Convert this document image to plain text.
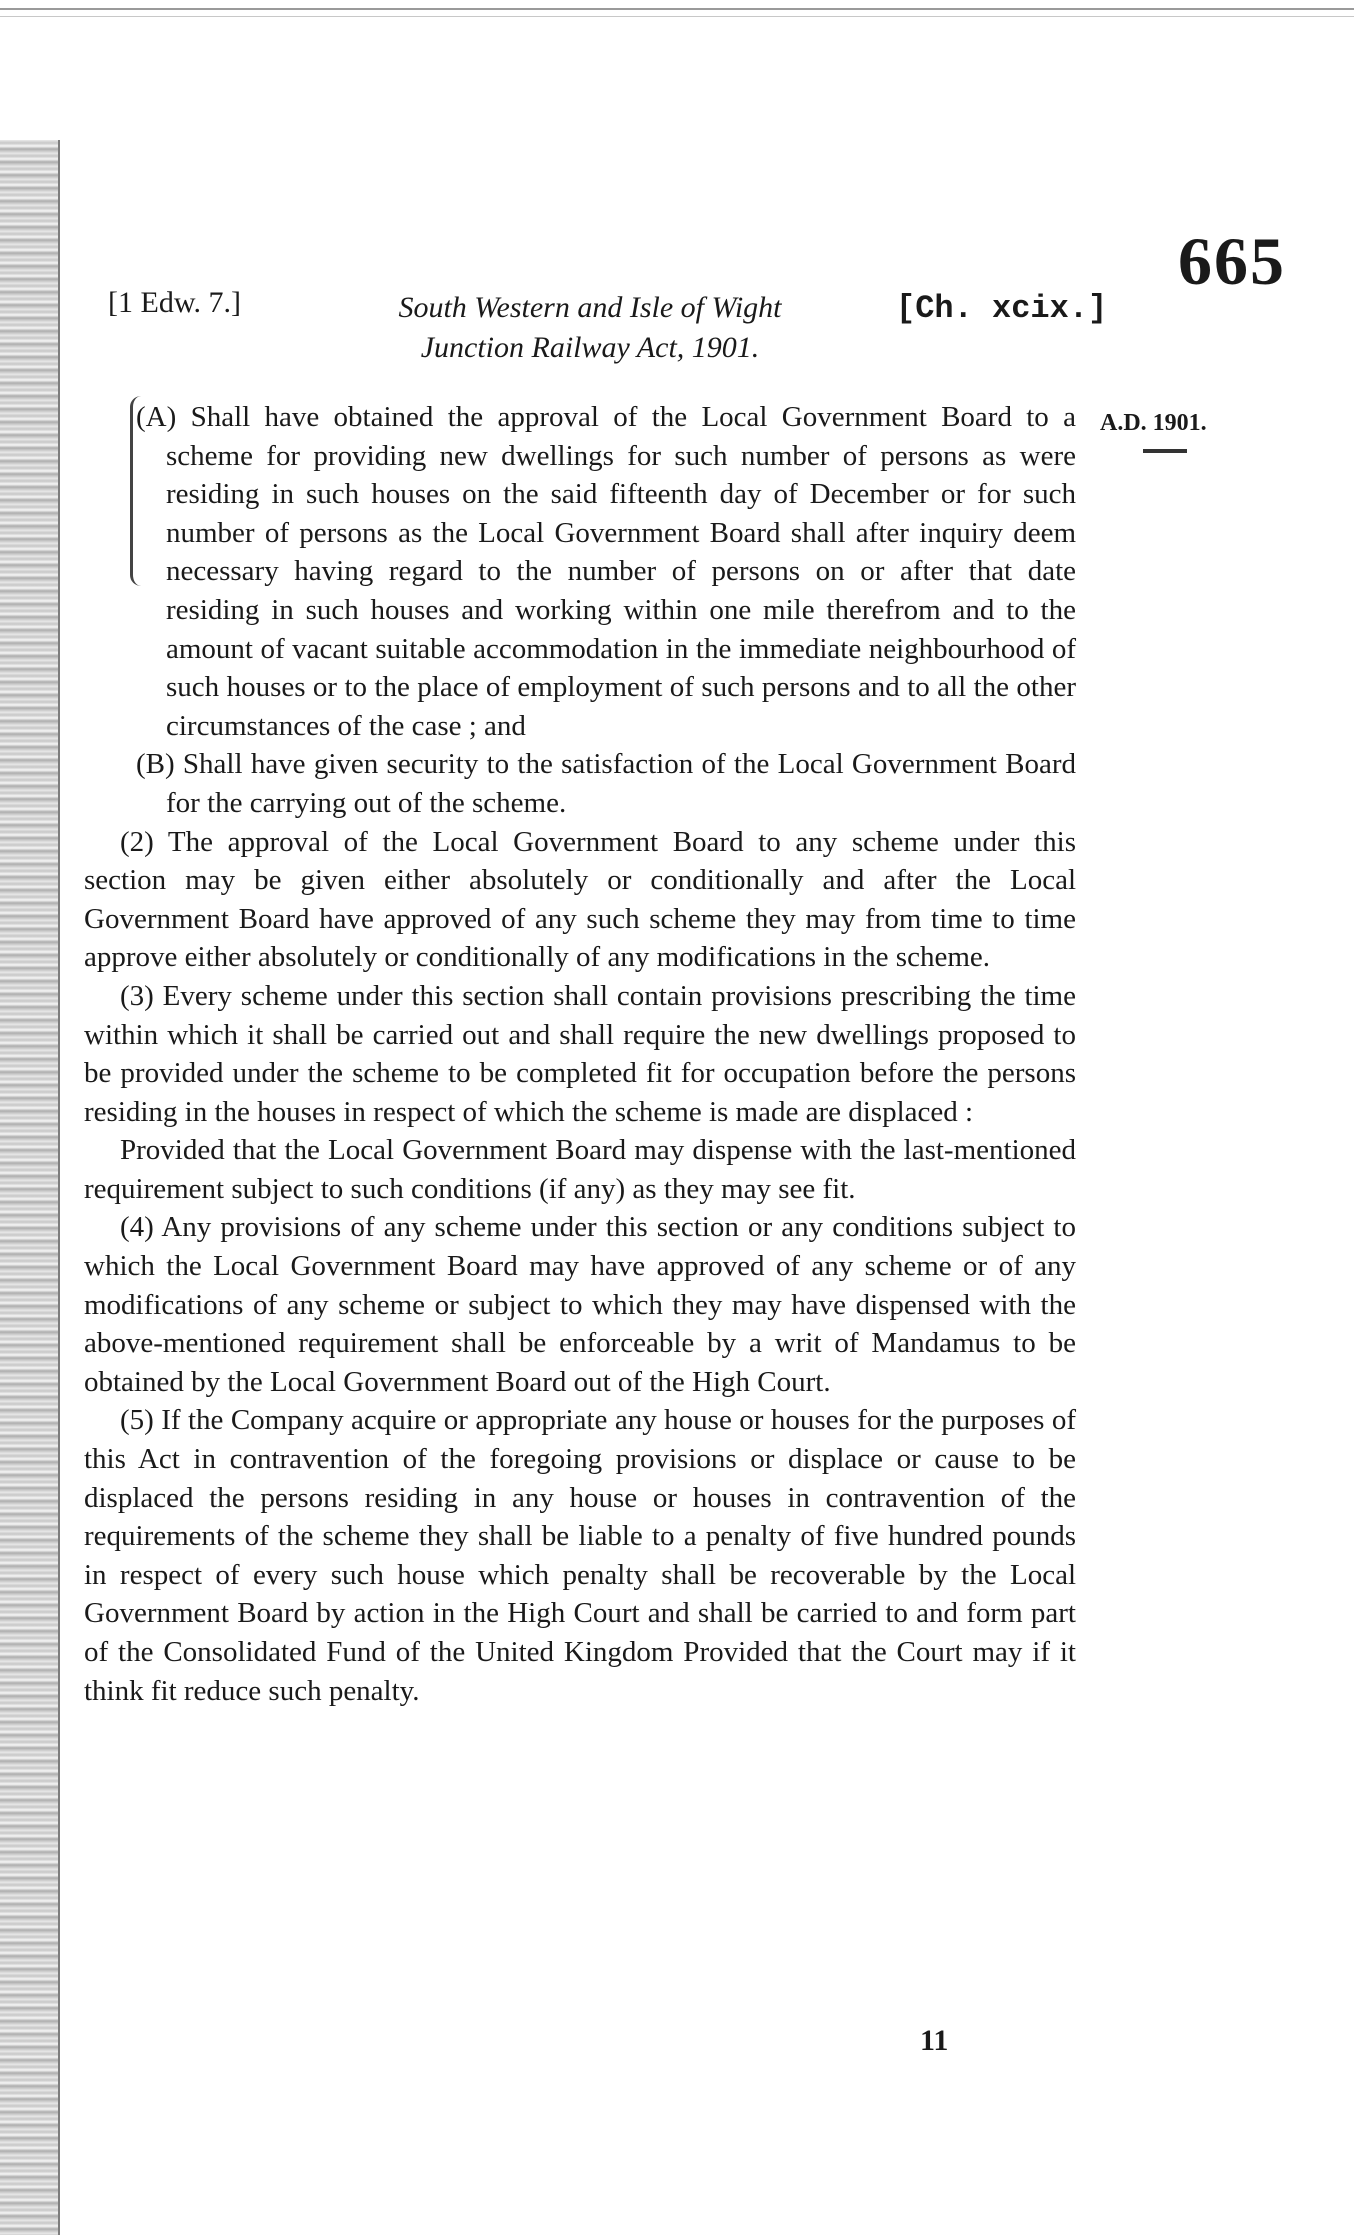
665
[1 Edw. 7.]	South Western and Isle of Wight
Junction Railway Act, 1901.
[Ch. xcix.]
A.D. 1901.

(A) Shall have obtained the approval of the Local Government Board to a scheme for providing new dwellings for such number of persons as were residing in such houses on the said fifteenth day of December or for such number of persons as the Local Government Board shall after inquiry deem necessary having regard to the number of persons on or after that date residing in such houses and working within one mile therefrom and to the amount of vacant suitable accommodation in the immediate neighbourhood of such houses or to the place of employment of such persons and to all the other circumstances of the case ; and

(B) Shall have given security to the satisfaction of the Local Government Board for the carrying out of the scheme.

(2) The approval of the Local Government Board to any scheme under this section may be given either absolutely or conditionally and after the Local Government Board have approved of any such scheme they may from time to time approve either absolutely or conditionally of any modifications in the scheme.

(3) Every scheme under this section shall contain provisions prescribing the time within which it shall be carried out and shall require the new dwellings proposed to be provided under the scheme to be completed fit for occupation before the persons residing in the houses in respect of which the scheme is made are displaced :

Provided that the Local Government Board may dispense with the last-mentioned requirement subject to such conditions (if any) as they may see fit.

(4) Any provisions of any scheme under this section or any conditions subject to which the Local Government Board may have approved of any scheme or of any modifications of any scheme or subject to which they may have dispensed with the above-mentioned requirement shall be enforceable by a writ of Mandamus to be obtained by the Local Government Board out of the High Court.

(5) If the Company acquire or appropriate any house or houses for the purposes of this Act in contravention of the foregoing provisions or displace or cause to be displaced the persons residing in any house or houses in contravention of the requirements of the scheme they shall be liable to a penalty of five hundred pounds in respect of every such house which penalty shall be recoverable by the Local Government Board by action in the High Court and shall be carried to and form part of the Consolidated Fund of the United Kingdom Provided that the Court may if it think fit reduce such penalty.

11
